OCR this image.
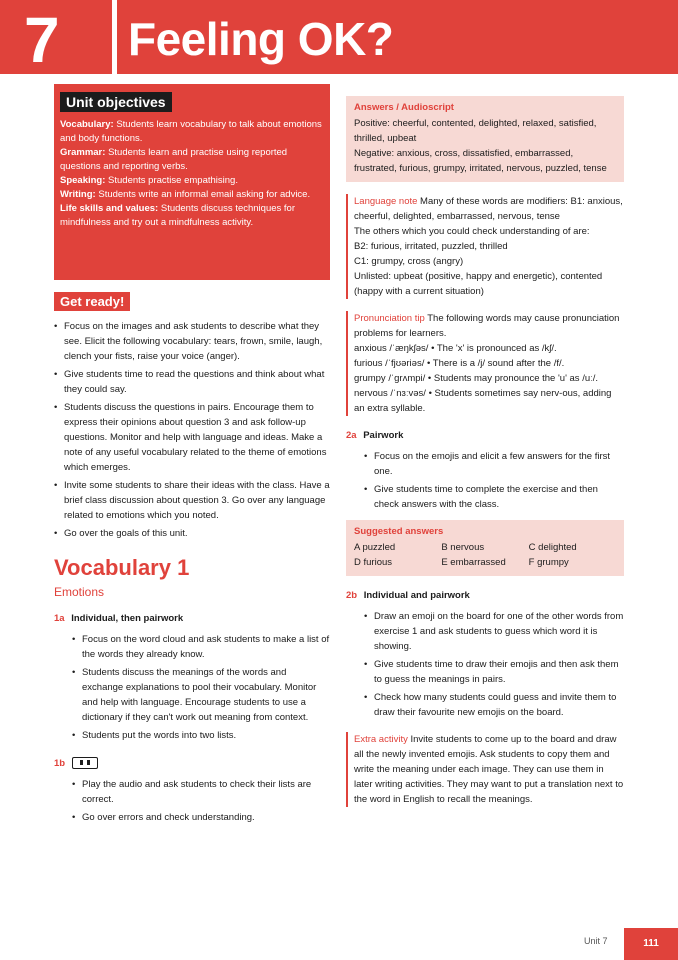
7 Feeling OK?
Unit objectives
Vocabulary: Students learn vocabulary to talk about emotions and body functions.
Grammar: Students learn and practise using reported questions and reporting verbs.
Speaking: Students practise empathising.
Writing: Students write an informal email asking for advice.
Life skills and values: Students discuss techniques for mindfulness and try out a mindfulness activity.
Get ready!
• Focus on the images and ask students to describe what they see. Elicit the following vocabulary: tears, frown, smile, laugh, clench your fists, raise your voice (anger).
• Give students time to read the questions and think about what they could say.
• Students discuss the questions in pairs. Encourage them to express their opinions about question 3 and ask follow-up questions. Monitor and help with language and ideas. Make a note of any useful vocabulary related to the theme of emotions which emerges.
• Invite some students to share their ideas with the class. Have a brief class discussion about question 3. Go over any language related to emotions which you noted.
• Go over the goals of this unit.
Vocabulary 1
Emotions
1a Individual, then pairwork
• Focus on the word cloud and ask students to make a list of the words they already know.
• Students discuss the meanings of the words and exchange explanations to pool their vocabulary. Monitor and help with language. Encourage students to use a dictionary if they can't work out meaning from context.
• Students put the words into two lists.
1b
• Play the audio and ask students to check their lists are correct.
• Go over errors and check understanding.
Answers / Audioscript
Positive: cheerful, contented, delighted, relaxed, satisfied, thrilled, upbeat
Negative: anxious, cross, dissatisfied, embarrassed, frustrated, furious, grumpy, irritated, nervous, puzzled, tense
Language note Many of these words are modifiers: B1: anxious, cheerful, delighted, embarrassed, nervous, tense
The others which you could check understanding of are:
B2: furious, irritated, puzzled, thrilled
C1: grumpy, cross (angry)
Unlisted: upbeat (positive, happy and energetic), contented (happy with a current situation)
Pronunciation tip The following words may cause pronunciation problems for learners.
anxious /ˈæŋkʃəs/ • The 'x' is pronounced as /kʃ/.
furious /ˈfjʊəriəs/ • There is a /j/ sound after the /f/.
grumpy /ˈɡrʌmpi/ • Students may pronounce the 'u' as /uː/.
nervous /ˈnɜːvəs/ • Students sometimes say nerv-ous, adding an extra syllable.
2a Pairwork
• Focus on the emojis and elicit a few answers for the first one.
• Give students time to complete the exercise and then check answers with the class.
Suggested answers
A puzzled	B nervous	C delighted
D furious	E embarrassed	F grumpy
2b Individual and pairwork
• Draw an emoji on the board for one of the other words from exercise 1 and ask students to guess which word it is showing.
• Give students time to draw their emojis and then ask them to guess the meanings in pairs.
• Check how many students could guess and invite them to draw their favourite new emojis on the board.
Extra activity Invite students to come up to the board and draw all the newly invented emojis. Ask students to copy them and write the meaning under each image. They can use them in later writing activities. They may want to put a translation next to the word in English to recall the meanings.
Unit 7	111
